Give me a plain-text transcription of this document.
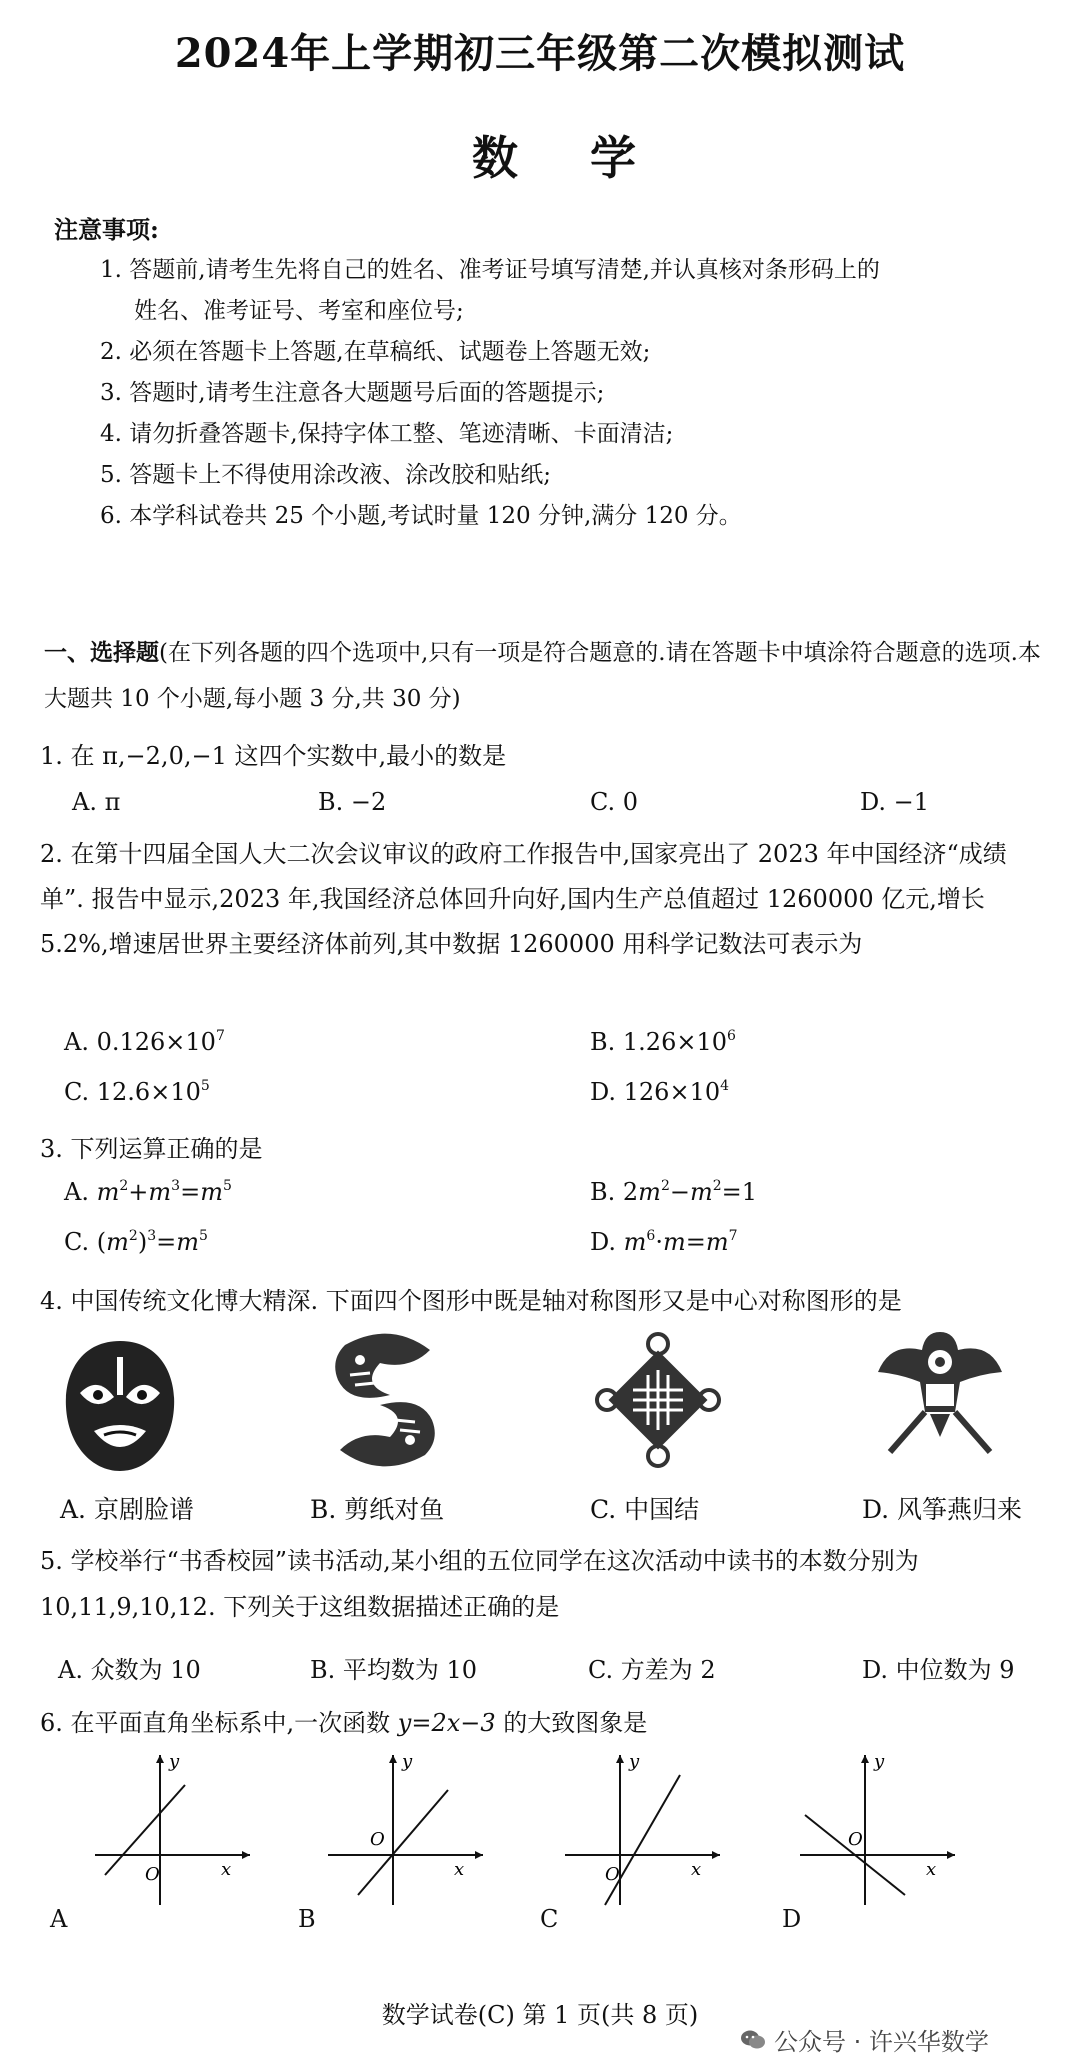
2024年上学期初三年级第二次模拟测试
数 学
注意事项:

1. 答题前,请考生先将自己的姓名、准考证号填写清楚,并认真核对条形码上的

姓名、准考证号、考室和座位号;

2. 必须在答题卡上答题,在草稿纸、试题卷上答题无效;

3. 答题时,请考生注意各大题题号后面的答题提示;

4. 请勿折叠答题卡,保持字体工整、笔迹清晰、卡面清洁;

5. 答题卡上不得使用涂改液、涂改胶和贴纸;

6. 本学科试卷共 25 个小题,考试时量 120 分钟,满分 120 分。

一、选择题(在下列各题的四个选项中,只有一项是符合题意的.请在答题卡中填涂符合题意的选项.本大题共 10 个小题,每小题 3 分,共 30 分)
1. 在 π,−2,0,−1 这四个实数中,最小的数是
A. π	B. −2	C. 0	D. −1
2. 在第十四届全国人大二次会议审议的政府工作报告中,国家亮出了 2023 年中国经济“成绩单”. 报告中显示,2023 年,我国经济总体回升向好,国内生产总值超过 1260000 亿元,增长 5.2%,增速居世界主要经济体前列,其中数据 1260000 用科学记数法可表示为
A. $0.126\times 10^7$	B. $1.26\times 10^6$
C. $12.6\times 10^5$	D. $126\times 10^4$
3. 下列运算正确的是
A. $m^2+m^3=m^5$	B. $2m^2-m^2=1$
C. $(m^2)^3=m^5$	D. $m^6\cdot m=m^7$
4. 中国传统文化博大精深. 下面四个图形中既是轴对称图形又是中心对称图形的是
A. 京剧脸谱	B. 剪纸对鱼	C. 中国结	D. 风筝燕归来
5. 学校举行“书香校园”读书活动,某小组的五位同学在这次活动中读书的本数分别为 10,11,9,10,12. 下列关于这组数据描述正确的是
A. 众数为 10	B. 平均数为 10	C. 方差为 2	D. 中位数为 9
6. 在平面直角坐标系中,一次函数 y=2x−3 的大致图象是
O
y
x
O
y
x	O
y
x
O
y
x
A	B	C	D
数学试卷(C) 第 1 页(共 8 页)
公众号 · 许兴华数学
